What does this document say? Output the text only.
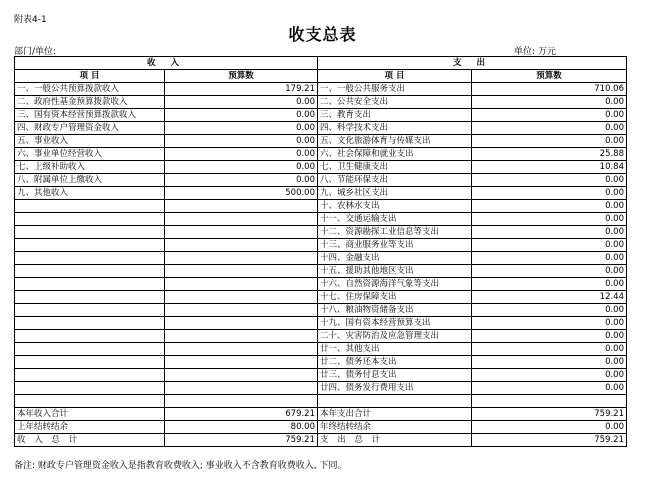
附表4-1
收支总表
部门/单位:	单位: 万元
收 入		支 出	
项 目	预算数	项 目	预算数
一、一般公共预算拨款收入	179.21	一、一般公共服务支出	710.06
二、政府性基金预算拨款收入	0.00	二、公共安全支出	0.00
三、国有资本经营预算拨款收入	0.00	三、教育支出	0.00
四、财政专户管理资金收入	0.00	四、科学技术支出	0.00
五、事业收入	0.00	五、文化旅游体育与传媒支出	0.00
六、事业单位经营收入	0.00	六、社会保障和就业支出	25.88
七、上级补助收入	0.00	七、卫生健康支出	10.84
八、附属单位上缴收入	0.00	八、节能环保支出	0.00
九、其他收入	500.00	九、城乡社区支出	0.00
		十、农林水支出	0.00
		十一、交通运输支出	0.00
		十二、资源勘探工业信息等支出	0.00
		十三、商业服务业等支出	0.00
		十四、金融支出	0.00
		十五、援助其他地区支出	0.00
		十六、自然资源海洋气象等支出	0.00
		十七、住房保障支出	12.44
		十八、粮油物资储备支出	0.00
		十九、国有资本经营预算支出	0.00
		二十、灾害防治及应急管理支出	0.00
		廿一、其他支出	0.00
		廿二、债务还本支出	0.00
		廿三、债务付息支出	0.00
		廿四、债务发行费用支出	0.00

本年收入合计	679.21	本年支出合计	759.21
上年结转结余	80.00	年终结转结余	0.00
收 入 总 计	759.21	支 出 总 计	759.21
备注: 财政专户管理资金收入是指教育收费收入; 事业收入不含教育收费收入, 下同。
